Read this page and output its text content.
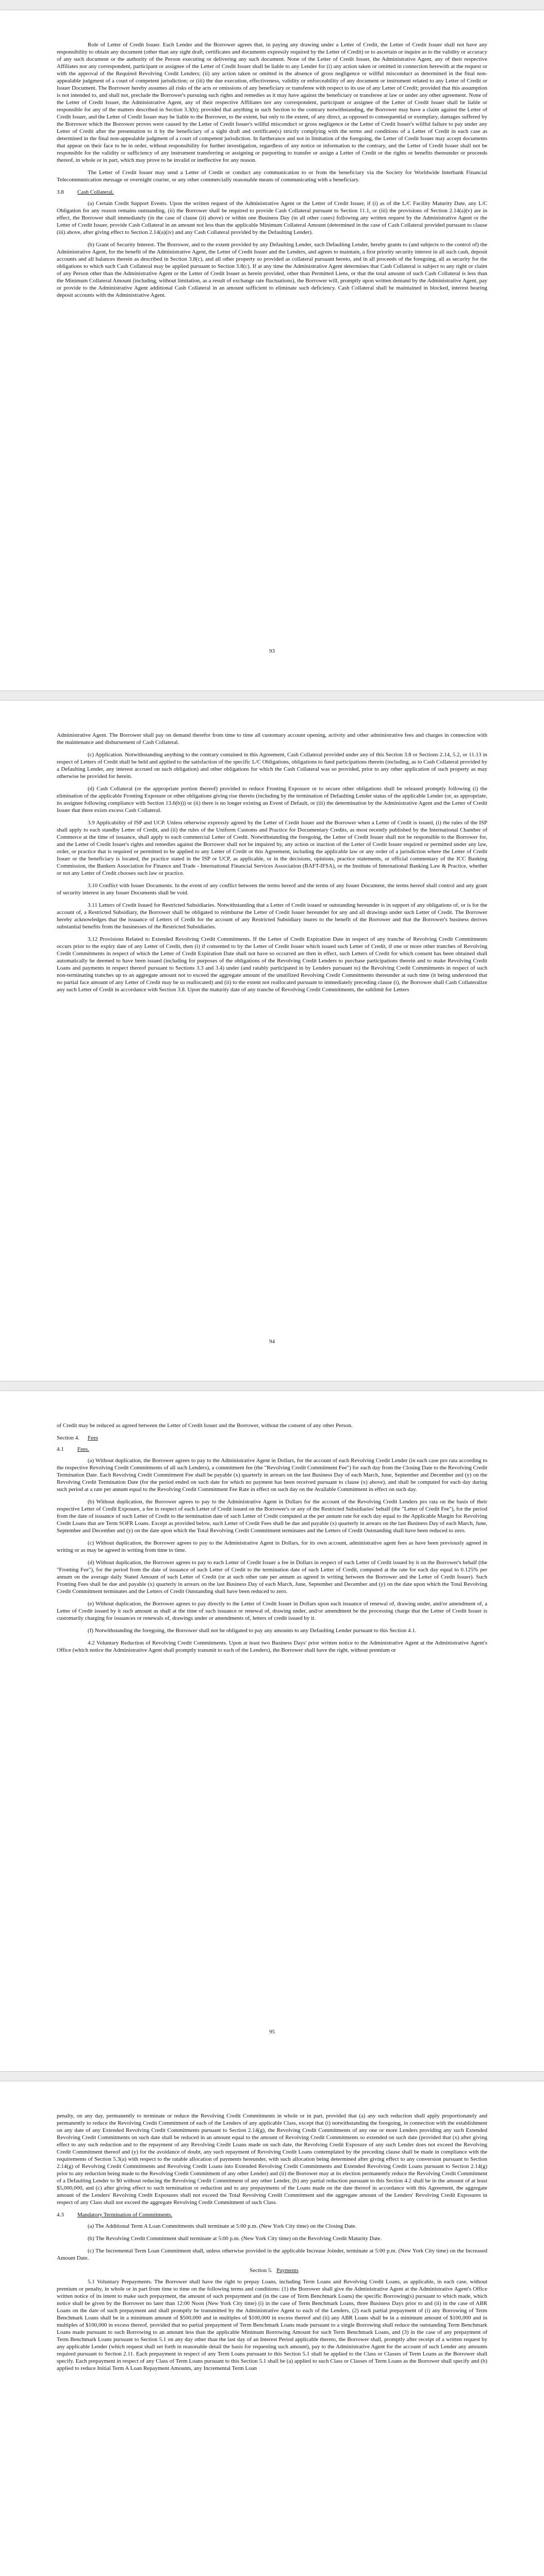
Role of Letter of Credit Issuer. Each Lender and the Borrower agrees that, in paying any drawing under a Letter of Credit, the Letter of Credit Issuer shall not have any responsibility to obtain any document (other than any sight draft, certificates and documents expressly required by the Letter of Credit) or to ascertain or inquire as to the validity or accuracy of any such document or the authority of the Person executing or delivering any such document. None of the Letter of Credit Issuer, the Administrative Agent, any of their respective Affiliates nor any correspondent, participant or assignee of the Letter of Credit Issuer shall be liable to any Lender for (i) any action taken or omitted in connection herewith at the request or with the approval of the Required Revolving Credit Lenders; (ii) any action taken or omitted in the absence of gross negligence or willful misconduct as determined in the final non-appealable judgment of a court of competent jurisdiction; or (iii) the due execution, effectiveness, validity or enforceability of any document or instrument related to any Letter of Credit or Issuer Document. The Borrower hereby assumes all risks of the acts or omissions of any beneficiary or transferee with respect to its use of any Letter of Credit; provided that this assumption is not intended to, and shall not, preclude the Borrower's pursuing such rights and remedies as it may have against the beneficiary or transferee at law or under any other agreement. None of the Letter of Credit Issuer, the Administrative Agent, any of their respective Affiliates nor any correspondent, participant or assignee of the Letter of Credit Issuer shall be liable or responsible for any of the matters described in Section 3.3(b); provided that anything in such Section to the contrary notwithstanding, the Borrower may have a claim against the Letter of Credit Issuer, and the Letter of Credit Issuer may be liable to the Borrower, to the extent, but only to the extent, of any direct, as opposed to consequential or exemplary, damages suffered by the Borrower which the Borrower proves were caused by the Letter of Credit Issuer's willful misconduct or gross negligence or the Letter of Credit Issuer's willful failure to pay under any Letter of Credit after the presentation to it by the beneficiary of a sight draft and certificate(s) strictly complying with the terms and conditions of a Letter of Credit in each case as determined in the final non-appealable judgment of a court of competent jurisdiction. In furtherance and not in limitation of the foregoing, the Letter of Credit Issuer may accept documents that appear on their face to be in order, without responsibility for further investigation, regardless of any notice or information to the contrary, and the Letter of Credit Issuer shall not be responsible for the validity or sufficiency of any instrument transferring or assigning or purporting to transfer or assign a Letter of Credit or the rights or benefits thereunder or proceeds thereof, in whole or in part, which may prove to be invalid or ineffective for any reason.

The Letter of Credit Issuer may send a Letter of Credit or conduct any communication to or from the beneficiary via the Society for Worldwide Interbank Financial Telecommunication message or overnight courier, or any other commercially reasonable means of communicating with a beneficiary.

3.8 Cash Collateral.

(a) Certain Credit Support Events. Upon the written request of the Administrative Agent or the Letter of Credit Issuer, if (i) as of the L/C Facility Maturity Date, any L/C Obligation for any reason remains outstanding, (ii) the Borrower shall be required to provide Cash Collateral pursuant to Section 11.1, or (iii) the provisions of Section 2.14(a)(v) are in effect, the Borrower shall immediately (in the case of clause (ii) above) or within one Business Day (in all other cases) following any written request by the Administrative Agent or the Letter of Credit Issuer, provide Cash Collateral in an amount not less than the applicable Minimum Collateral Amount (determined in the case of Cash Collateral provided pursuant to clause (iii) above, after giving effect to Section 2.14(a)(iv) and any Cash Collateral provided by the Defaulting Lender).

(b) Grant of Security Interest. The Borrower, and to the extent provided by any Defaulting Lender, such Defaulting Lender, hereby grants to (and subjects to the control of) the Administrative Agent, for the benefit of the Administrative Agent, the Letter of Credit Issuer and the Lenders, and agrees to maintain, a first priority security interest in all such cash, deposit accounts and all balances therein as described in Section 3.8(c), and all other property so provided as collateral pursuant hereto, and in all proceeds of the foregoing, all as security for the obligations to which such Cash Collateral may be applied pursuant to Section 3.8(c). If at any time the Administrative Agent determines that Cash Collateral is subject to any right or claim of any Person other than the Administrative Agent or the Letter of Credit Issuer as herein provided, other than Permitted Liens, or that the total amount of such Cash Collateral is less than the Minimum Collateral Amount (including, without limitation, as a result of exchange rate fluctuations), the Borrower will, promptly upon written demand by the Administrative Agent, pay or provide to the Administrative Agent additional Cash Collateral in an amount sufficient to eliminate such deficiency. Cash Collateral shall be maintained in blocked, interest bearing deposit accounts with the Administrative Agent.

93

Administrative Agent. The Borrower shall pay on demand therefor from time to time all customary account opening, activity and other administrative fees and charges in connection with the maintenance and disbursement of Cash Collateral.

(c) Application. Notwithstanding anything to the contrary contained in this Agreement, Cash Collateral provided under any of this Section 3.8 or Sections 2.14, 5.2, or 11.13 in respect of Letters of Credit shall be held and applied to the satisfaction of the specific L/C Obligations, obligations to fund participations therein (including, as to Cash Collateral provided by a Defaulting Lender, any interest accrued on such obligation) and other obligations for which the Cash Collateral was so provided, prior to any other application of such property as may otherwise be provided for herein.

(d) Cash Collateral (or the appropriate portion thereof) provided to reduce Fronting Exposure or to secure other obligations shall be released promptly following (i) the elimination of the applicable Fronting Exposure or other obligations giving rise thereto (including by the termination of Defaulting Lender status of the applicable Lender (or, as appropriate, its assignee following compliance with Section 13.6(b))) or (ii) there is no longer existing an Event of Default, or (iii) the determination by the Administrative Agent and the Letter of Credit Issuer that there exists excess Cash Collateral.

3.9 Applicability of ISP and UCP. Unless otherwise expressly agreed by the Letter of Credit Issuer and the Borrower when a Letter of Credit is issued, (i) the rules of the ISP shall apply to each standby Letter of Credit, and (ii) the rules of the Uniform Customs and Practice for Documentary Credits, as most recently published by the International Chamber of Commerce at the time of issuance, shall apply to each commercial Letter of Credit. Notwithstanding the foregoing, the Letter of Credit Issuer shall not be responsible to the Borrower for, and the Letter of Credit Issuer's rights and remedies against the Borrower shall not be impaired by, any action or inaction of the Letter of Credit Issuer required or permitted under any law, order, or practice that is required or permitted to be applied to any Letter of Credit or this Agreement, including the applicable law or any order of a jurisdiction where the Letter of Credit Issuer or the beneficiary is located, the practice stated in the ISP or UCP, as applicable, or in the decisions, opinions, practice statements, or official commentary of the ICC Banking Commission, the Bankers Association for Finance and Trade - International Financial Services Association (BAFT-IFSA), or the Institute of International Banking Law & Practice, whether or not any Letter of Credit chooses such law or practice.

3.10 Conflict with Issuer Documents. In the event of any conflict between the terms hereof and the terms of any Issuer Document, the terms hereof shall control and any grant of security interest in any Issuer Documents shall be void.

3.11 Letters of Credit Issued for Restricted Subsidiaries. Notwithstanding that a Letter of Credit issued or outstanding hereunder is in support of any obligations of, or is for the account of, a Restricted Subsidiary, the Borrower shall be obligated to reimburse the Letter of Credit Issuer hereunder for any and all drawings under such Letter of Credit. The Borrower hereby acknowledges that the issuance of Letters of Credit for the account of any Restricted Subsidiary inures to the benefit of the Borrower and that the Borrower's business derives substantial benefits from the businesses of the Restricted Subsidiaries.

3.12 Provisions Related to Extended Revolving Credit Commitments. If the Letter of Credit Expiration Date in respect of any tranche of Revolving Credit Commitments occurs prior to the expiry date of any Letter of Credit, then (i) if consented to by the Letter of Credit Issuer which issued such Letter of Credit, if one or more other tranches of Revolving Credit Commitments in respect of which the Letter of Credit Expiration Date shall not have so occurred are then in effect, such Letters of Credit for which consent has been obtained shall automatically be deemed to have been issued (including for purposes of the obligations of the Revolving Credit Lenders to purchase participations therein and to make Revolving Credit Loans and payments in respect thereof pursuant to Sections 3.3 and 3.4) under (and ratably participated in by Lenders pursuant to) the Revolving Credit Commitments in respect of such non-terminating tranches up to an aggregate amount not to exceed the aggregate amount of the unutilized Revolving Credit Commitments thereunder at such time (it being understood that no partial face amount of any Letter of Credit may be so reallocated) and (ii) to the extent not reallocated pursuant to immediately preceding clause (i), the Borrower shall Cash Collateralize any such Letter of Credit in accordance with Section 3.8. Upon the maturity date of any tranche of Revolving Credit Commitments, the sublimit for Letters

94

of Credit may be reduced as agreed between the Letter of Credit Issuer and the Borrower, without the consent of any other Person.

Section 4. Fees
4.1 Fees.

(a) Without duplication, the Borrower agrees to pay to the Administrative Agent in Dollars, for the account of each Revolving Credit Lender (in each case pro rata according to the respective Revolving Credit Commitments of all such Lenders), a commitment fee (the "Revolving Credit Commitment Fee") for each day from the Closing Date to the Revolving Credit Termination Date. Each Revolving Credit Commitment Fee shall be payable (x) quarterly in arrears on the last Business Day of each March, June, September and December and (y) on the Revolving Credit Termination Date (for the period ended on such date for which no payment has been received pursuant to clause (x) above), and shall be computed for each day during such period at a rate per annum equal to the Revolving Credit Commitment Fee Rate in effect on such day on the Available Commitment in effect on such day.

(b) Without duplication, the Borrower agrees to pay to the Administrative Agent in Dollars for the account of the Revolving Credit Lenders pro rata on the basis of their respective Letter of Credit Exposure, a fee in respect of each Letter of Credit issued on the Borrower's or any of the Restricted Subsidiaries' behalf (the "Letter of Credit Fee"), for the period from the date of issuance of such Letter of Credit to the termination date of such Letter of Credit computed at the per annum rate for each day equal to the Applicable Margin for Revolving Credit Loans that are Term SOFR Loans. Except as provided below, such Letter of Credit Fees shall be due and payable (x) quarterly in arrears on the last Business Day of each March, June, September and December and (y) on the date upon which the Total Revolving Credit Commitment terminates and the Letters of Credit Outstanding shall have been reduced to zero.

(c) Without duplication, the Borrower agrees to pay to the Administrative Agent in Dollars, for its own account, administrative agent fees as have been previously agreed in writing or as may be agreed in writing from time to time.

(d) Without duplication, the Borrower agrees to pay to each Letter of Credit Issuer a fee in Dollars in respect of each Letter of Credit issued by it on the Borrower's behalf (the "Fronting Fee"), for the period from the date of issuance of such Letter of Credit to the termination date of such Letter of Credit, computed at the rate for each day equal to 0.125% per annum on the average daily Stated Amount of such Letter of Credit (or at such other rate per annum as agreed in writing between the Borrower and the Letter of Credit Issuer). Such Fronting Fees shall be due and payable (x) quarterly in arrears on the last Business Day of each March, June, September and December and (y) on the date upon which the Total Revolving Credit Commitment terminates and the Letters of Credit Outstanding shall have been reduced to zero.

(e) Without duplication, the Borrower agrees to pay directly to the Letter of Credit Issuer in Dollars upon each issuance of renewal of, drawing under, and/or amendment of, a Letter of Credit issued by it such amount as shall at the time of such issuance or renewal of, drawing under, and/or amendment be the processing charge that the Letter of Credit Issuer is customarily charging for issuances or renewals of, drawings under or amendments of, letters of credit issued by it.

(f) Notwithstanding the foregoing, the Borrower shall not be obligated to pay any amounts to any Defaulting Lender pursuant to this Section 4.1.

4.2 Voluntary Reduction of Revolving Credit Commitments. Upon at least two Business Days' prior written notice to the Administrative Agent at the Administrative Agent's Office (which notice the Administrative Agent shall promptly transmit to each of the Lenders), the Borrower shall have the right, without premium or

95

penalty, on any day, permanently to terminate or reduce the Revolving Credit Commitments in whole or in part, provided that (a) any such reduction shall apply proportionately and permanently to reduce the Revolving Credit Commitment of each of the Lenders of any applicable Class, except that (i) notwithstanding the foregoing, in connection with the establishment on any date of any Extended Revolving Credit Commitments pursuant to Section 2.14(g), the Revolving Credit Commitments of any one or more Lenders providing any such Extended Revolving Credit Commitments on such date shall be reduced in an amount equal to the amount of Revolving Credit Commitments so extended on such date (provided that (x) after giving effect to any such reduction and to the repayment of any Revolving Credit Loans made on such date, the Revolving Credit Exposure of any such Lender does not exceed the Revolving Credit Commitment thereof and (y) for the avoidance of doubt, any such repayment of Revolving Credit Loans contemplated by the preceding clause shall be made in compliance with the requirements of Section 5.3(a) with respect to the ratable allocation of payments hereunder, with such allocation being determined after giving effect to any conversion pursuant to Section 2.14(g) of Revolving Credit Commitments and Revolving Credit Loans into Extended Revolving Credit Commitments and Extended Revolving Credit Loans pursuant to Section 2.14(g) prior to any reduction being made to the Revolving Credit Commitment of any other Lender) and (ii) the Borrower may at its election permanently reduce the Revolving Credit Commitment of a Defaulting Lender to $0 without reducing the Revolving Credit Commitment of any other Lender, (b) any partial reduction pursuant to this Section 4.2 shall be in the amount of at least $5,000,000, and (c) after giving effect to such termination or reduction and to any prepayments of the Loans made on the date thereof in accordance with this Agreement, the aggregate amount of the Lenders' Revolving Credit Exposures shall not exceed the Total Revolving Credit Commitment and the aggregate amount of the Lenders' Revolving Credit Exposures in respect of any Class shall not exceed the aggregate Revolving Credit Commitment of such Class.

4.3 Mandatory Termination of Commitments.

(a) The Additional Term A Loan Commitments shall terminate at 5:00 p.m. (New York City time) on the Closing Date.

(b) The Revolving Credit Commitment shall terminate at 5:00 p.m. (New York City time) on the Revolving Credit Maturity Date.

(c) The Incremental Term Loan Commitment shall, unless otherwise provided in the applicable Increase Joinder, terminate at 5:00 p.m. (New York City time) on the Increased Amount Date.

Section 5. Payments

5.1 Voluntary Prepayments. The Borrower shall have the right to prepay Loans, including Term Loans and Revolving Credit Loans, as applicable, in each case, without premium or penalty, in whole or in part from time to time on the following terms and conditions: (1) the Borrower shall give the Administrative Agent at the Administrative Agent's Office written notice of its intent to make such prepayment, the amount of such prepayment and (in the case of Term Benchmark Loans) the specific Borrowing(s) pursuant to which made, which notice shall be given by the Borrower no later than 12:00 Noon (New York City time) (i) in the case of Term Benchmark Loans, three Business Days prior to and (ii) in the case of ABR Loans on the date of such prepayment and shall promptly be transmitted by the Administrative Agent to each of the Lenders, (2) each partial prepayment of (i) any Borrowing of Term Benchmark Loans shall be in a minimum amount of $500,000 and in multiples of $100,000 in excess thereof and (ii) any ABR Loans shall be in a minimum amount of $100,000 and in multiples of $100,000 in excess thereof, provided that no partial prepayment of Term Benchmark Loans made pursuant to a single Borrowing shall reduce the outstanding Term Benchmark Loans made pursuant to such Borrowing to an amount less than the applicable Minimum Borrowing Amount for such Term Benchmark Loans, and (3) in the case of any prepayment of Term Benchmark Loans pursuant to Section 5.1 on any day other than the last day of an Interest Period applicable thereto, the Borrower shall, promptly after receipt of a written request by any applicable Lender (which request shall set forth in reasonable detail the basis for requesting such amount), pay to the Administrative Agent for the account of such Lender any amounts required pursuant to Section 2.11. Each prepayment in respect of any Term Loans pursuant to this Section 5.1 shall be applied to the Class or Classes of Term Loans as the Borrower shall specify. Each prepayment in respect of any Class of Term Loans pursuant to this Section 5.1 shall be (a) applied to such Class or Classes of Term Loans as the Borrower shall specify and (b) applied to reduce Initial Term A Loan Repayment Amounts, any Incremental Term Loan
